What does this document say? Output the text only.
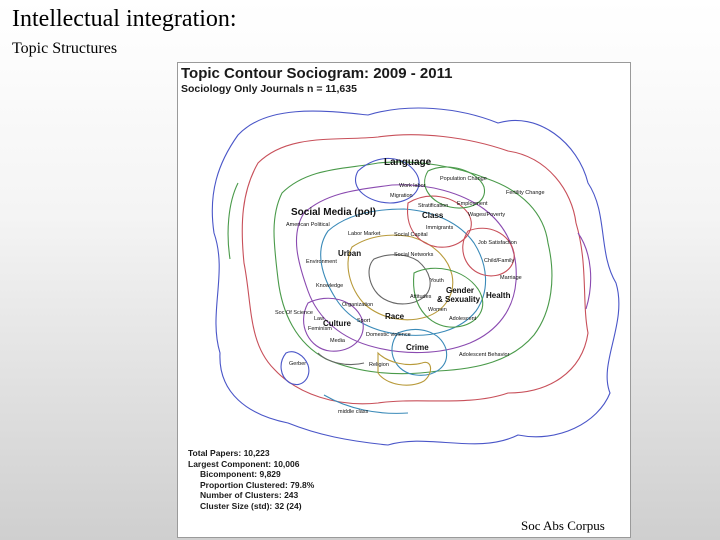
Intellectual integration:
Topic Structures
Topic Contour Sociogram: 2009 - 2011
Sociology Only Journals n = 11,635
Language
Population Change
Fertility Change
Work labor
Migration
Stratification Employment
Class	Wages/Poverty
Social Media (pol)
American Political
Social Capital
Immigrants
Labor Market
Job Satisfaction
Urban
Environment
Social Networks
Child/Family
Marriage
Youth
Attitudes
Knowledge	Gender
& Sexuality Health
Organization
Women
Soc Of Science
Law	Sport Race	Adolescent
Feminism
Culture
Domestic violence
Media
Crime
Adolescent Behavior
Religion
Gerber
middle class
Total Papers: 10,223
Largest Component: 10,006
Bicomponent: 9,829
Proportion Clustered: 79.8%
Number of Clusters: 243
Cluster Size (std): 32 (24)
Soc Abs Corpus
